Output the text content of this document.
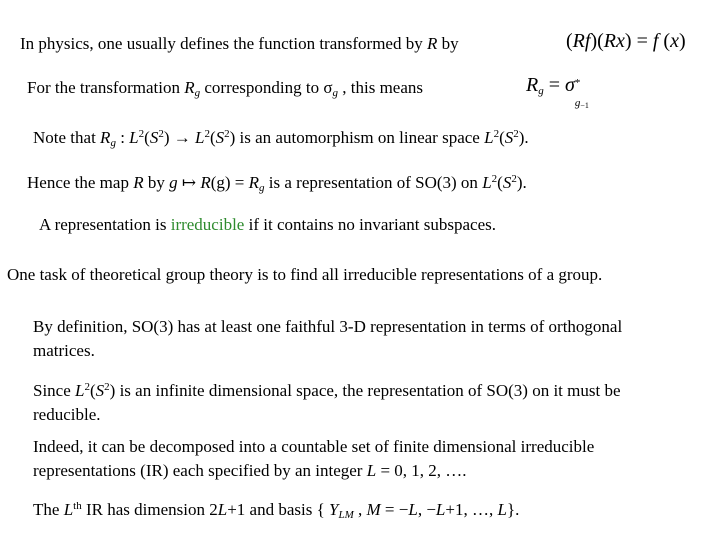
In physics, one usually defines the function transformed by R by	(Rf)(Rx) = f (x)
For the transformation $R_g$ corresponding to $\sigma_g$ , this means	$R_g = \sigma$ *
g−1
Note that $R_g$ : $L^2(S^2) \to L^2(S^2)$ is an automorphism on linear space $L^2(S^2)$.
Hence the map R by g ↦ $R(g) = R_g$ is a representation of SO(3) on $L^2(S^2)$.
A representation is irreducible if it contains no invariant subspaces.
One task of theoretical group theory is to find all irreducible representations of a group.
By definition, SO(3) has at least one faithful 3-D representation in terms of orthogonal matrices.
Since $L^2(S^2)$ is an infinite dimensional space, the representation of SO(3) on it must be reducible.
Indeed, it can be decomposed into a countable set of finite dimensional irreducible representations (IR) each specified by an integer L = 0, 1, 2, ….
The Lth IR has dimension 2L+1 and basis { $Y_{LM}$ , M = −L, −L+1, …, L}.
